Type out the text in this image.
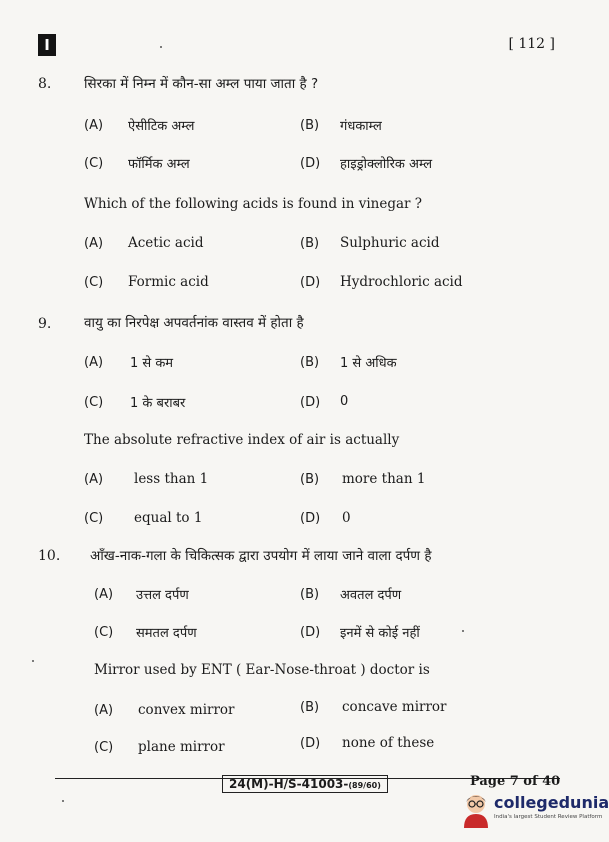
I	[ 112 ]
8. सिरका में निम्न में कौन-सा अम्ल पाया जाता है ?
(A) ऐसीटिक अम्ल	(B) गंधकाम्ल
(C) फॉर्मिक अम्ल	(D) हाइड्रोक्लोरिक अम्ल
Which of the following acids is found in vinegar ?
(A) Acetic acid	(B) Sulphuric acid
(C) Formic acid	(D) Hydrochloric acid
9. वायु का निरपेक्ष अपवर्तनांक वास्तव में होता है
(A) 1 से कम	(B) 1 से अधिक
(C) 1 के बराबर	(D) 0
The absolute refractive index of air is actually
(A) less than 1	(B) more than 1
(C) equal to 1	(D) 0
10. आँख-नाक-गला के चिकित्सक द्वारा उपयोग में लाया जाने वाला दर्पण है
(A) उत्तल दर्पण	(B) अवतल दर्पण
(C) समतल दर्पण	(D) इनमें से कोई नहीं
Mirror used by ENT ( Ear-Nose-throat ) doctor is
(A) convex mirror	(B) concave mirror
(C) plane mirror	(D) none of these
24(M)-H/S-41003-(89/60)	Page 7 of 40
collegedunia
India's largest Student Review Platform
